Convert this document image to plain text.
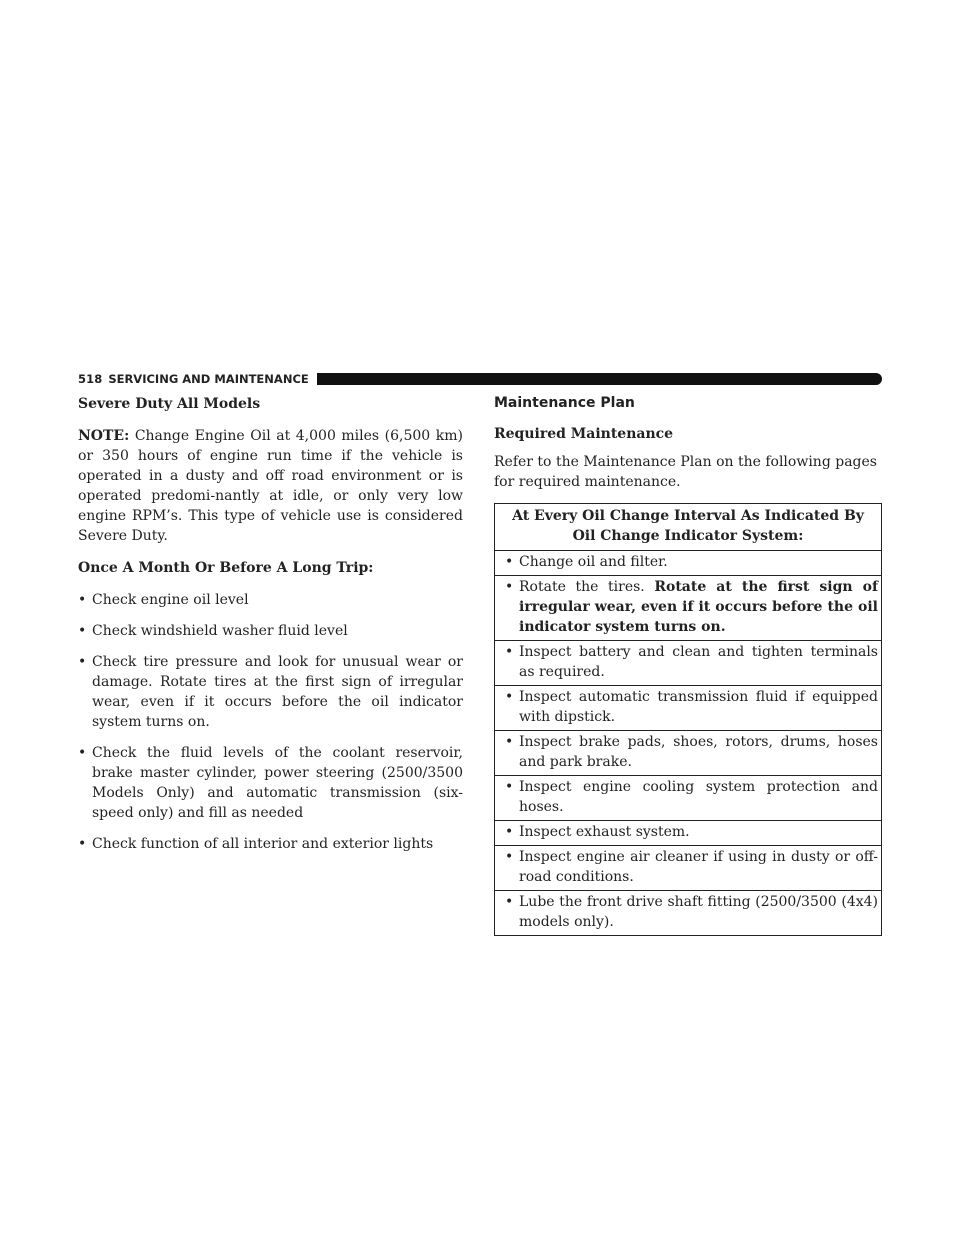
518 SERVICING AND MAINTENANCE
Severe Duty All Models

NOTE: Change Engine Oil at 4,000 miles (6,500 km) or 350 hours of engine run time if the vehicle is operated in a dusty and off road environment or is operated predomi-nantly at idle, or only very low engine RPM’s. This type of vehicle use is considered Severe Duty.

Once A Month Or Before A Long Trip:
• Check engine oil level
• Check windshield washer fluid level
• Check tire pressure and look for unusual wear or damage. Rotate tires at the first sign of irregular wear, even if it occurs before the oil indicator system turns on.
• Check the fluid levels of the coolant reservoir, brake master cylinder, power steering (2500/3500 Models Only) and automatic transmission (six-speed only) and fill as needed
• Check function of all interior and exterior lights
Maintenance Plan
Required Maintenance

Refer to the Maintenance Plan on the following pages for required maintenance.

At Every Oil Change Interval As Indicated By Oil Change Indicator System:

• Change oil and filter.

• Rotate the tires. Rotate at the first sign of irregular wear, even if it occurs before the oil indicator system turns on.

• Inspect battery and clean and tighten terminals as required.

• Inspect automatic transmission fluid if equipped with dipstick.

• Inspect brake pads, shoes, rotors, drums, hoses and park brake.

• Inspect engine cooling system protection and hoses.

• Inspect exhaust system.

• Inspect engine air cleaner if using in dusty or off-road conditions.

• Lube the front drive shaft fitting (2500/3500 (4x4) models only).
